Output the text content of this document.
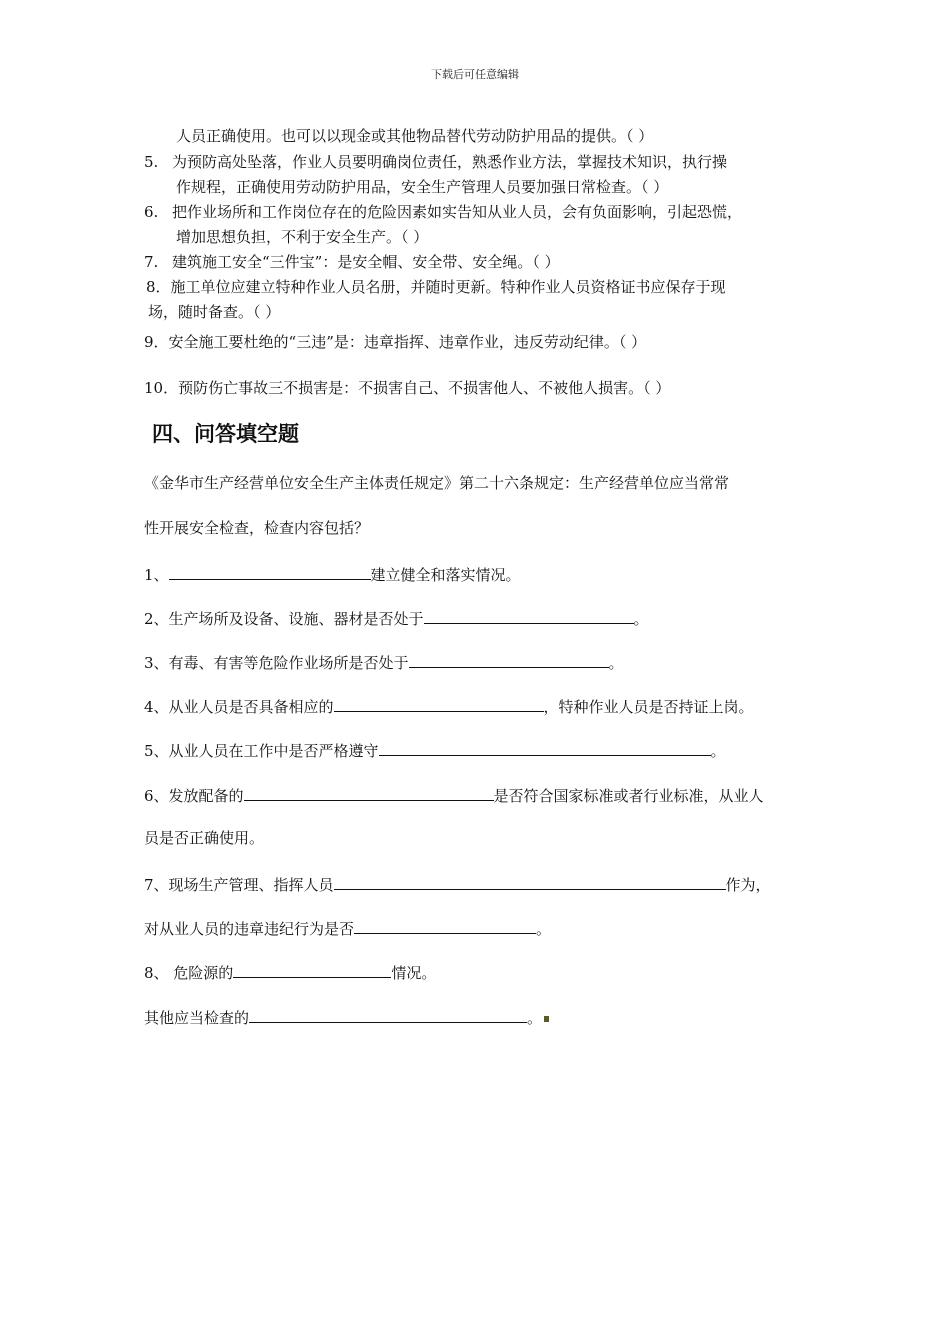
下载后可任意编辑
人员正确使用。也可以以现金或其他物品替代劳动防护用品的提供。（ ）
5. 为预防高处坠落，作业人员要明确岗位责任，熟悉作业方法，掌握技术知识，执行操
作规程，正确使用劳动防护用品，安全生产管理人员要加强日常检查。（ ）
6. 把作业场所和工作岗位存在的危险因素如实告知从业人员，会有负面影响，引起恐慌，
增加思想负担，不利于安全生产。（ ）
7. 建筑施工安全“三件宝”：是安全帽、安全带、安全绳。（ ）
8．施工单位应建立特种作业人员名册，并随时更新。特种作业人员资格证书应保存于现
场，随时备查。（ ）
9．安全施工要杜绝的“三违”是：违章指挥、违章作业，违反劳动纪律。（ ）
10．预防伤亡事故三不损害是：不损害自己、不损害他人、不被他人损害。（ ）
四、问答填空题
《金华市生产经营单位安全生产主体责任规定》第二十六条规定：生产经营单位应当常常
性开展安全检查，检查内容包括？
1、	建立健全和落实情况。
2、生产场所及设备、设施、器材是否处于	。
3、有毒、有害等危险作业场所是否处于	。
4、从业人员是否具备相应的	，特种作业人员是否持证上岗。
5、从业人员在工作中是否严格遵守	。
6、发放配备的	是否符合国家标准或者行业标准，从业人
员是否正确使用。
7、现场生产管理、指挥人员	作为，
对从业人员的违章违纪行为是否	。
8、 危险源的	情况。
其他应当检查的	。
